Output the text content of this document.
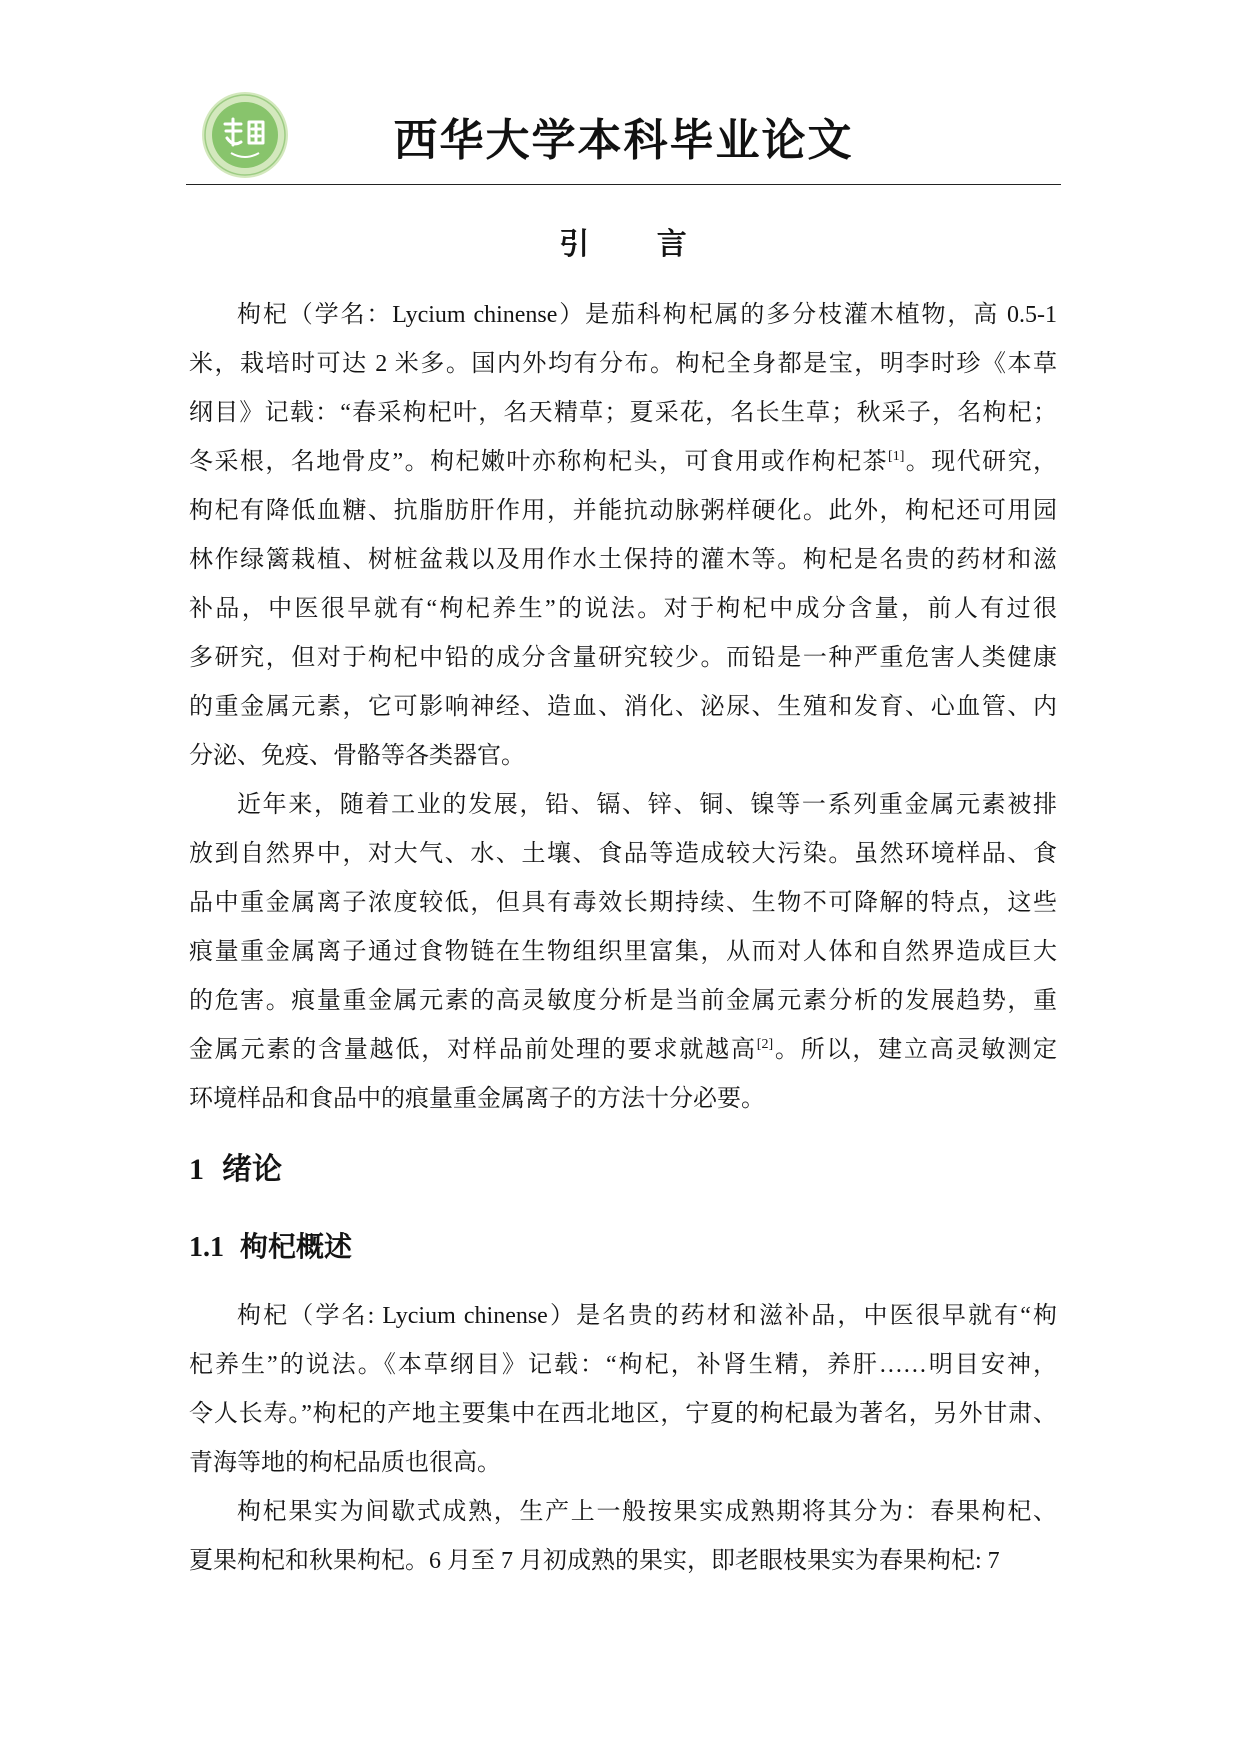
西华大学本科毕业论文
引 言
枸杞（学名：Lycium chinense）是茄科枸杞属的多分枝灌木植物，高 0.5-1
米，栽培时可达 2 米多。国内外均有分布。枸杞全身都是宝，明李时珍《本草
纲目》记载：“春采枸杞叶，名天精草；夏采花，名长生草；秋采子，名枸杞；
冬采根，名地骨皮”。枸杞嫩叶亦称枸杞头，可食用或作枸杞茶[1]。现代研究，
枸杞有降低血糖、抗脂肪肝作用，并能抗动脉粥样硬化。此外，枸杞还可用园
林作绿篱栽植、树桩盆栽以及用作水土保持的灌木等。枸杞是名贵的药材和滋
补品，中医很早就有“枸杞养生”的说法。对于枸杞中成分含量，前人有过很
多研究，但对于枸杞中铅的成分含量研究较少。而铅是一种严重危害人类健康
的重金属元素，它可影响神经、造血、消化、泌尿、生殖和发育、心血管、内
分泌、免疫、骨骼等各类器官。
近年来，随着工业的发展，铅、镉、锌、铜、镍等一系列重金属元素被排
放到自然界中，对大气、水、土壤、食品等造成较大污染。虽然环境样品、食
品中重金属离子浓度较低，但具有毒效长期持续、生物不可降解的特点，这些
痕量重金属离子通过食物链在生物组织里富集，从而对人体和自然界造成巨大
的危害。痕量重金属元素的高灵敏度分析是当前金属元素分析的发展趋势，重
金属元素的含量越低，对样品前处理的要求就越高[2]。所以，建立高灵敏测定
环境样品和食品中的痕量重金属离子的方法十分必要。
1 绪论
1.1 枸杞概述
枸杞（学名: Lycium chinense）是名贵的药材和滋补品，中医很早就有“枸
杞养生”的说法。《本草纲目》记载：“枸杞，补肾生精，养肝……明目安神，
令人长寿。”枸杞的产地主要集中在西北地区，宁夏的枸杞最为著名，另外甘肃、
青海等地的枸杞品质也很高。
枸杞果实为间歇式成熟，生产上一般按果实成熟期将其分为：春果枸杞、
夏果枸杞和秋果枸杞。6 月至 7 月初成熟的果实，即老眼枝果实为春果枸杞: 7
